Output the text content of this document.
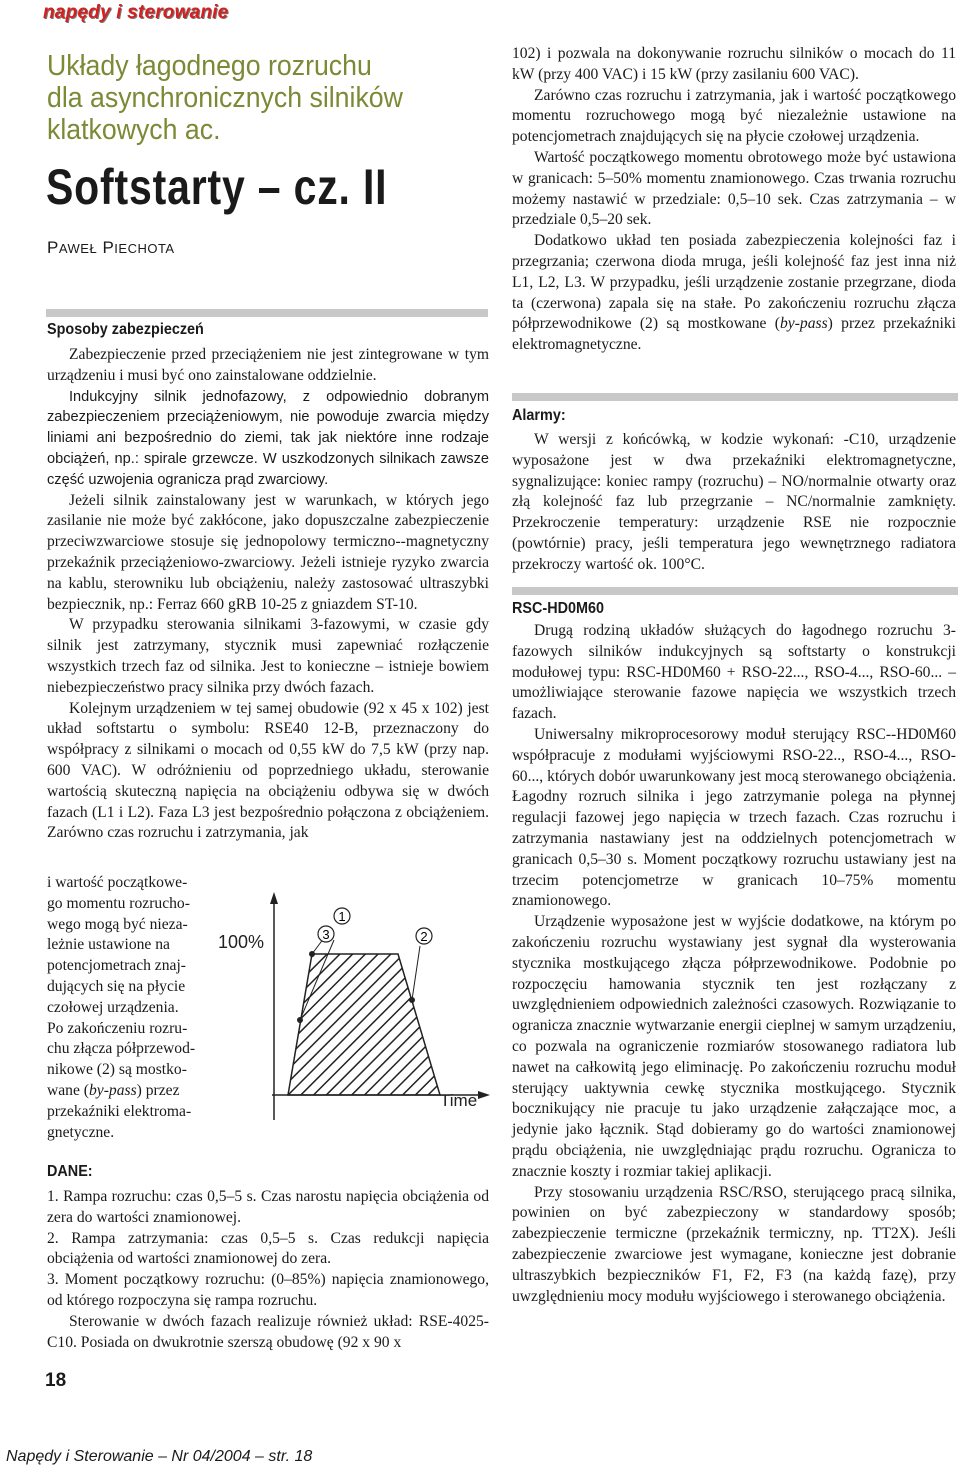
napędy i sterowanie
Układy łagodnego rozruchu
dla asynchronicznych silników
klatkowych ac.
Softstarty – cz. II
PAWEŁ PIECHOTA
Sposoby zabezpieczeń

Zabezpieczenie przed przeciążeniem nie jest zintegrowane w tym urządzeniu i musi być ono zainstalowane oddzielnie.

Indukcyjny silnik jednofazowy, z odpowiednio dobranym zabezpieczeniem przeciążeniowym, nie powoduje zwarcia między liniami ani bezpośrednio do ziemi, tak jak niektóre inne rodzaje obciążeń, np.: spirale grzewcze. W uszkodzonych silnikach zawsze część uzwojenia ogranicza prąd zwarciowy.

Jeżeli silnik zainstalowany jest w warunkach, w których jego zasilanie nie może być zakłócone, jako dopuszczalne zabezpieczenie przeciwzwarciowe stosuje się jednopolowy termiczno--magnetyczny przekaźnik przeciążeniowo-zwarciowy. Jeżeli istnieje ryzyko zwarcia na kablu, sterowniku lub obciążeniu, należy zastosować ultraszybki bezpiecznik, np.: Ferraz 660 gRB 10-25 z gniazdem ST-10.

W przypadku sterowania silnikami 3-fazowymi, w czasie gdy silnik jest zatrzymany, stycznik musi zapewniać rozłączenie wszystkich trzech faz od silnika. Jest to konieczne – istnieje bowiem niebezpieczeństwo pracy silnika przy dwóch fazach.

Kolejnym urządzeniem w tej samej obudowie (92 x 45 x 102) jest układ softstartu o symbolu: RSE40 12-B, przeznaczony do współpracy z silnikami o mocach od 0,55 kW do 7,5 kW (przy nap. 600 VAC). W odróżnieniu od poprzedniego układu, sterowanie wartością skuteczną napięcia na obciążeniu odbywa się w dwóch fazach (L1 i L2). Faza L3 jest bezpośrednio połączona z obciążeniem. Zarówno czas rozruchu i zatrzymania, jak

i wartość początkowe-

go momentu rozrucho-

wego mogą być nieza-

leżnie ustawione na

potencjometrach znaj-

dujących się na płycie

czołowej urządzenia.

Po zakończeniu rozru-

chu złącza półprzewod-

nikowe (2) są mostko-

wane (by-pass) przez

przekaźniki elektroma-

gnetyczne.

1
3	2
100%
Time
DANE:

1. Rampa rozruchu: czas 0,5–5 s. Czas narostu napięcia obciążenia od zera do wartości znamionowej.

2. Rampa zatrzymania: czas 0,5–5 s. Czas redukcji napięcia obciążenia od wartości znamionowej do zera.

3. Moment początkowy rozruchu: (0–85%) napięcia znamionowego, od którego rozpoczyna się rampa rozruchu.

Sterowanie w dwóch fazach realizuje również układ: RSE-4025-C10. Posiada on dwukrotnie szerszą obudowę (92 x 90 x

18

102) i pozwala na dokonywanie rozruchu silników o mocach do 11 kW (przy 400 VAC) i 15 kW (przy zasilaniu 600 VAC).

Zarówno czas rozruchu i zatrzymania, jak i wartość początkowego momentu rozruchowego mogą być niezależnie ustawione na potencjometrach znajdujących się na płycie czołowej urządzenia.

Wartość początkowego momentu obrotowego może być ustawiona w granicach: 5–50% momentu znamionowego. Czas trwania rozruchu możemy nastawić w przedziale: 0,5–10 sek. Czas zatrzymania – w przedziale 0,5–20 sek.

Dodatkowo układ ten posiada zabezpieczenia kolejności faz i przegrzania; czerwona dioda mruga, jeśli kolejność faz jest inna niż L1, L2, L3. W przypadku, jeśli urządzenie zostanie przegrzane, dioda ta (czerwona) zapala się na stałe. Po zakończeniu rozruchu złącza półprzewodnikowe (2) są mostkowane (by-pass) przez przekaźniki elektromagnetyczne.

Alarmy:

W wersji z końcówką, w kodzie wykonań: -C10, urządzenie wyposażone jest w dwa przekaźniki elektromagnetyczne, sygnalizujące: koniec rampy (rozruchu) – NO/normalnie otwarty oraz złą kolejność faz lub przegrzanie – NC/normalnie zamknięty. Przekroczenie temperatury: urządzenie RSE nie rozpocznie (powtórnie) pracy, jeśli temperatura jego wewnętrznego radiatora przekroczy wartość ok. 100°C.

RSC-HD0M60

Drugą rodziną układów służących do łagodnego rozruchu 3-fazowych silników indukcyjnych są softstarty o konstrukcji modułowej typu: RSC-HD0M60 + RSO-22..., RSO-4..., RSO-60... – umożliwiające sterowanie fazowe napięcia we wszystkich trzech fazach.

Uniwersalny mikroprocesorowy moduł sterujący RSC--HD0M60 współpracuje z modułami wyjściowymi RSO-22.., RSO-4..., RSO-60..., których dobór uwarunkowany jest mocą sterowanego obciążenia. Łagodny rozruch silnika i jego zatrzymanie polega na płynnej regulacji fazowej jego napięcia w trzech fazach. Czas rozruchu i zatrzymania nastawiany jest na oddzielnych potencjometrach w granicach 0,5–30 s. Moment początkowy rozruchu ustawiany jest na trzecim potencjometrze w granicach 10–75% momentu znamionowego.

Urządzenie wyposażone jest w wyjście dodatkowe, na którym po zakończeniu rozruchu wystawiany jest sygnał dla wysterowania stycznika mostkującego złącza półprzewodnikowe. Podobnie po rozpoczęciu hamowania stycznik ten jest rozłączany z uwzględnieniem odpowiednich zależności czasowych. Rozwiązanie to ogranicza znacznie wytwarzanie energii cieplnej w samym urządzeniu, co pozwala na ograniczenie rozmiarów stosowanego radiatora lub nawet na całkowitą jego eliminację. Po zakończeniu rozruchu moduł sterujący uaktywnia cewkę stycznika mostkującego. Stycznik bocznikujący nie pracuje tu jako urządzenie załączające moc, a jedynie jako łącznik. Stąd dobieramy go do wartości znamionowej prądu obciążenia, nie uwzględniając prądu rozruchu. Ogranicza to znacznie koszty i rozmiar takiej aplikacji.

Przy stosowaniu urządzenia RSC/RSO, sterującego pracą silnika, powinien on być zabezpieczony w standardowy sposób; zabezpieczenie termiczne (przekaźnik termiczny, np. TT2X). Jeśli zabezpieczenie zwarciowe jest wymagane, konieczne jest dobranie ultraszybkich bezpieczników F1, F2, F3 (na każdą fazę), przy uwzględnieniu mocy modułu wyjściowego i sterowanego obciążenia.

Napędy i Sterowanie – Nr 04/2004 – str. 18
